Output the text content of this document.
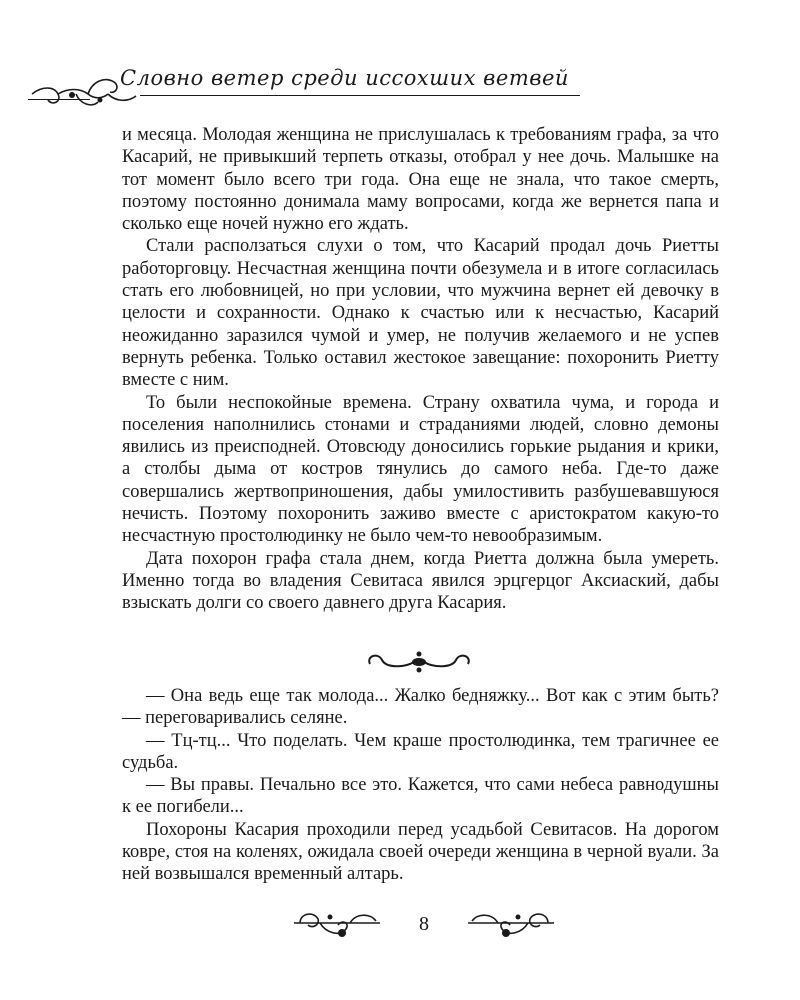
Словно ветер среди иссохших ветвей

и месяца. Молодая женщина не прислушалась к требованиям графа, за что Касарий, не привыкший терпеть отказы, отобрал у нее дочь. Малышке на тот момент было всего три года. Она еще не знала, что такое смерть, поэтому постоянно донимала маму вопросами, когда же вернется папа и сколько еще ночей нужно его ждать.

Стали расползаться слухи о том, что Касарий продал дочь Риетты работорговцу. Несчастная женщина почти обезумела и в итоге согласилась стать его любовницей, но при условии, что мужчина вернет ей девочку в целости и сохранности. Однако к счастью или к несчастью, Касарий неожиданно заразился чумой и умер, не получив желаемого и не успев вернуть ребенка. Только оставил жестокое завещание: похоронить Риетту вместе с ним.

То были неспокойные времена. Страну охватила чума, и города и поселения наполнились стонами и страданиями людей, словно демоны явились из преисподней. Отовсюду доносились горькие рыдания и крики, а столбы дыма от костров тянулись до самого неба. Где-то даже совершались жертвоприношения, дабы умилостивить разбушевавшуюся нечисть. Поэтому похоронить заживо вместе с аристократом какую-то несчастную простолюдинку не было чем-то невообразимым.

Дата похорон графа стала днем, когда Риетта должна была умереть. Именно тогда во владения Севитаса явился эрцгерцог Аксиаский, дабы взыскать долги со своего давнего друга Касария.

— Она ведь еще так молода... Жалко бедняжку... Вот как с этим быть? — переговаривались селяне.

— Тц-тц... Что поделать. Чем краше простолюдинка, тем трагичнее ее судьба.

— Вы правы. Печально все это. Кажется, что сами небеса равнодушны к ее погибели...

Похороны Касария проходили перед усадьбой Севитасов. На дорогом ковре, стоя на коленях, ожидала своей очереди женщина в черной вуали. За ней возвышался временный алтарь.

8
